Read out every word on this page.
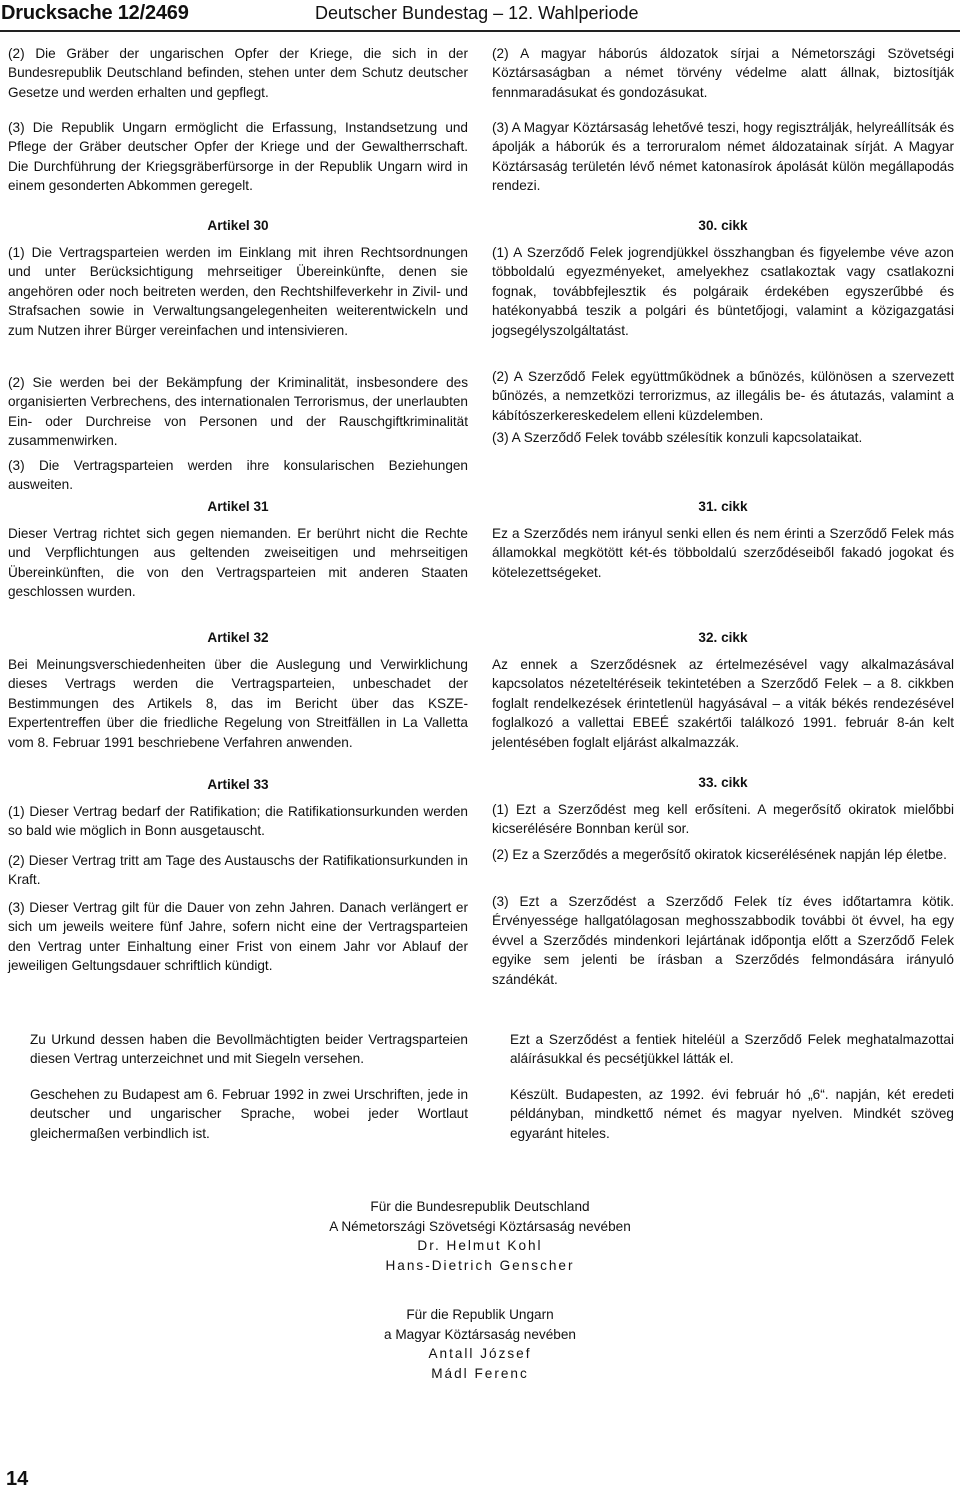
Drucksache 12/2469	Deutscher Bundestag – 12. Wahlperiode
(2) Die Gräber der ungarischen Opfer der Kriege, die sich in der Bundesrepublik Deutschland befinden, stehen unter dem Schutz deutscher Gesetze und werden erhalten und gepflegt.
(3) Die Republik Ungarn ermöglicht die Erfassung, Instandsetzung und Pflege der Gräber deutscher Opfer der Kriege und der Gewaltherrschaft. Die Durchführung der Kriegsgräberfürsorge in der Republik Ungarn wird in einem gesonderten Abkommen geregelt.
Artikel 30
(1) Die Vertragsparteien werden im Einklang mit ihren Rechtsordnungen und unter Berücksichtigung mehrseitiger Übereinkünfte, denen sie angehören oder noch beitreten werden, den Rechtshilfeverkehr in Zivil- und Strafsachen sowie in Verwaltungsangelegenheiten weiterentwickeln und zum Nutzen ihrer Bürger vereinfachen und intensivieren.
(2) Sie werden bei der Bekämpfung der Kriminalität, insbesondere des organisierten Verbrechens, des internationalen Terrorismus, der unerlaubten Ein- oder Durchreise von Personen und der Rauschgiftkriminalität zusammenwirken.
(3) Die Vertragsparteien werden ihre konsularischen Beziehungen ausweiten.
Artikel 31
Dieser Vertrag richtet sich gegen niemanden. Er berührt nicht die Rechte und Verpflichtungen aus geltenden zweiseitigen und mehrseitigen Übereinkünften, die von den Vertragsparteien mit anderen Staaten geschlossen wurden.
Artikel 32
Bei Meinungsverschiedenheiten über die Auslegung und Verwirklichung dieses Vertrags werden die Vertragsparteien, unbeschadet der Bestimmungen des Artikels 8, das im Bericht über das KSZE-Expertentreffen über die friedliche Regelung von Streitfällen in La Valletta vom 8. Februar 1991 beschriebene Verfahren anwenden.
Artikel 33
(1) Dieser Vertrag bedarf der Ratifikation; die Ratifikationsurkunden werden so bald wie möglich in Bonn ausgetauscht.
(2) Dieser Vertrag tritt am Tage des Austauschs der Ratifikationsurkunden in Kraft.
(3) Dieser Vertrag gilt für die Dauer von zehn Jahren. Danach verlängert er sich um jeweils weitere fünf Jahre, sofern nicht eine der Vertragsparteien den Vertrag unter Einhaltung einer Frist von einem Jahr vor Ablauf der jeweiligen Geltungsdauer schriftlich kündigt.
Zu Urkund dessen haben die Bevollmächtigten beider Vertragsparteien diesen Vertrag unterzeichnet und mit Siegeln versehen.
Geschehen zu Budapest am 6. Februar 1992 in zwei Urschriften, jede in deutscher und ungarischer Sprache, wobei jeder Wortlaut gleichermaßen verbindlich ist.
(2) A magyar háborús áldozatok sírjai a Németországi Szövetségi Köztársaságban a német törvény védelme alatt állnak, biztosítják fennmaradásukat és gondozásukat.
(3) A Magyar Köztársaság lehetővé teszi, hogy regisztrálják, helyreállítsák és ápolják a háborúk és a terroruralom német áldozatainak sírját. A Magyar Köztársaság területén lévő német katonasírok ápolását külön megállapodás rendezi.
30. cikk
(1) A Szerződő Felek jogrendjükkel összhangban és figyelembe véve azon többoldalú egyezményeket, amelyekhez csatlakoztak vagy csatlakozni fognak, továbbfejlesztik és polgáraik érdekében egyszerűbbé és hatékonyabbá teszik a polgári és büntetőjogi, valamint a közigazgatási jogsegélyszolgáltatást.
(2) A Szerződő Felek együttműködnek a bűnözés, különösen a szervezett bűnözés, a nemzetközi terrorizmus, az illegális be- és átutazás, valamint a kábítószerkereskedelem elleni küzdelemben.
(3) A Szerződő Felek tovább szélesítik konzuli kapcsolataikat.
31. cikk
Ez a Szerződés nem irányul senki ellen és nem érinti a Szerződő Felek más államokkal megkötött két-és többoldalú szerződéseiből fakadó jogokat és kötelezettségeket.
32. cikk
Az ennek a Szerződésnek az értelmezésével vagy alkalmazásával kapcsolatos nézeteltéréseik tekintetében a Szerződő Felek – a 8. cikkben foglalt rendelkezések érintetlenül hagyásával – a viták békés rendezésével foglalkozó a vallettai EBEÉ szakértői találkozó 1991. február 8-án kelt jelentésében foglalt eljárást alkalmazzák.
33. cikk
(1) Ezt a Szerződést meg kell erősíteni. A megerősítő okiratok mielőbbi kicserélésére Bonnban kerül sor.
(2) Ez a Szerződés a megerősítő okiratok kicserélésének napján lép életbe.
(3) Ezt a Szerződést a Szerződő Felek tíz éves időtartamra kötik. Érvényessége hallgatólagosan meghosszabbodik további öt évvel, ha egy évvel a Szerződés mindenkori lejártának időpontja előtt a Szerződő Felek egyike sem jelenti be írásban a Szerződés felmondására irányuló szándékát.
Ezt a Szerződést a fentiek hiteléül a Szerződő Felek meghatalmazottai aláírásukkal és pecsétjükkel látták el.
Készült. Budapesten, az 1992. évi február hó „6“. napján, két eredeti példányban, mindkettő német és magyar nyelven. Mindkét szöveg egyaránt hiteles.
Für die Bundesrepublik Deutschland
A Németországi Szövetségi Köztársaság nevében
Dr. Helmut Kohl
Hans-Dietrich Genscher
Für die Republik Ungarn
a Magyar Köztársaság nevében
Antall József
Mádl Ferenc
14
